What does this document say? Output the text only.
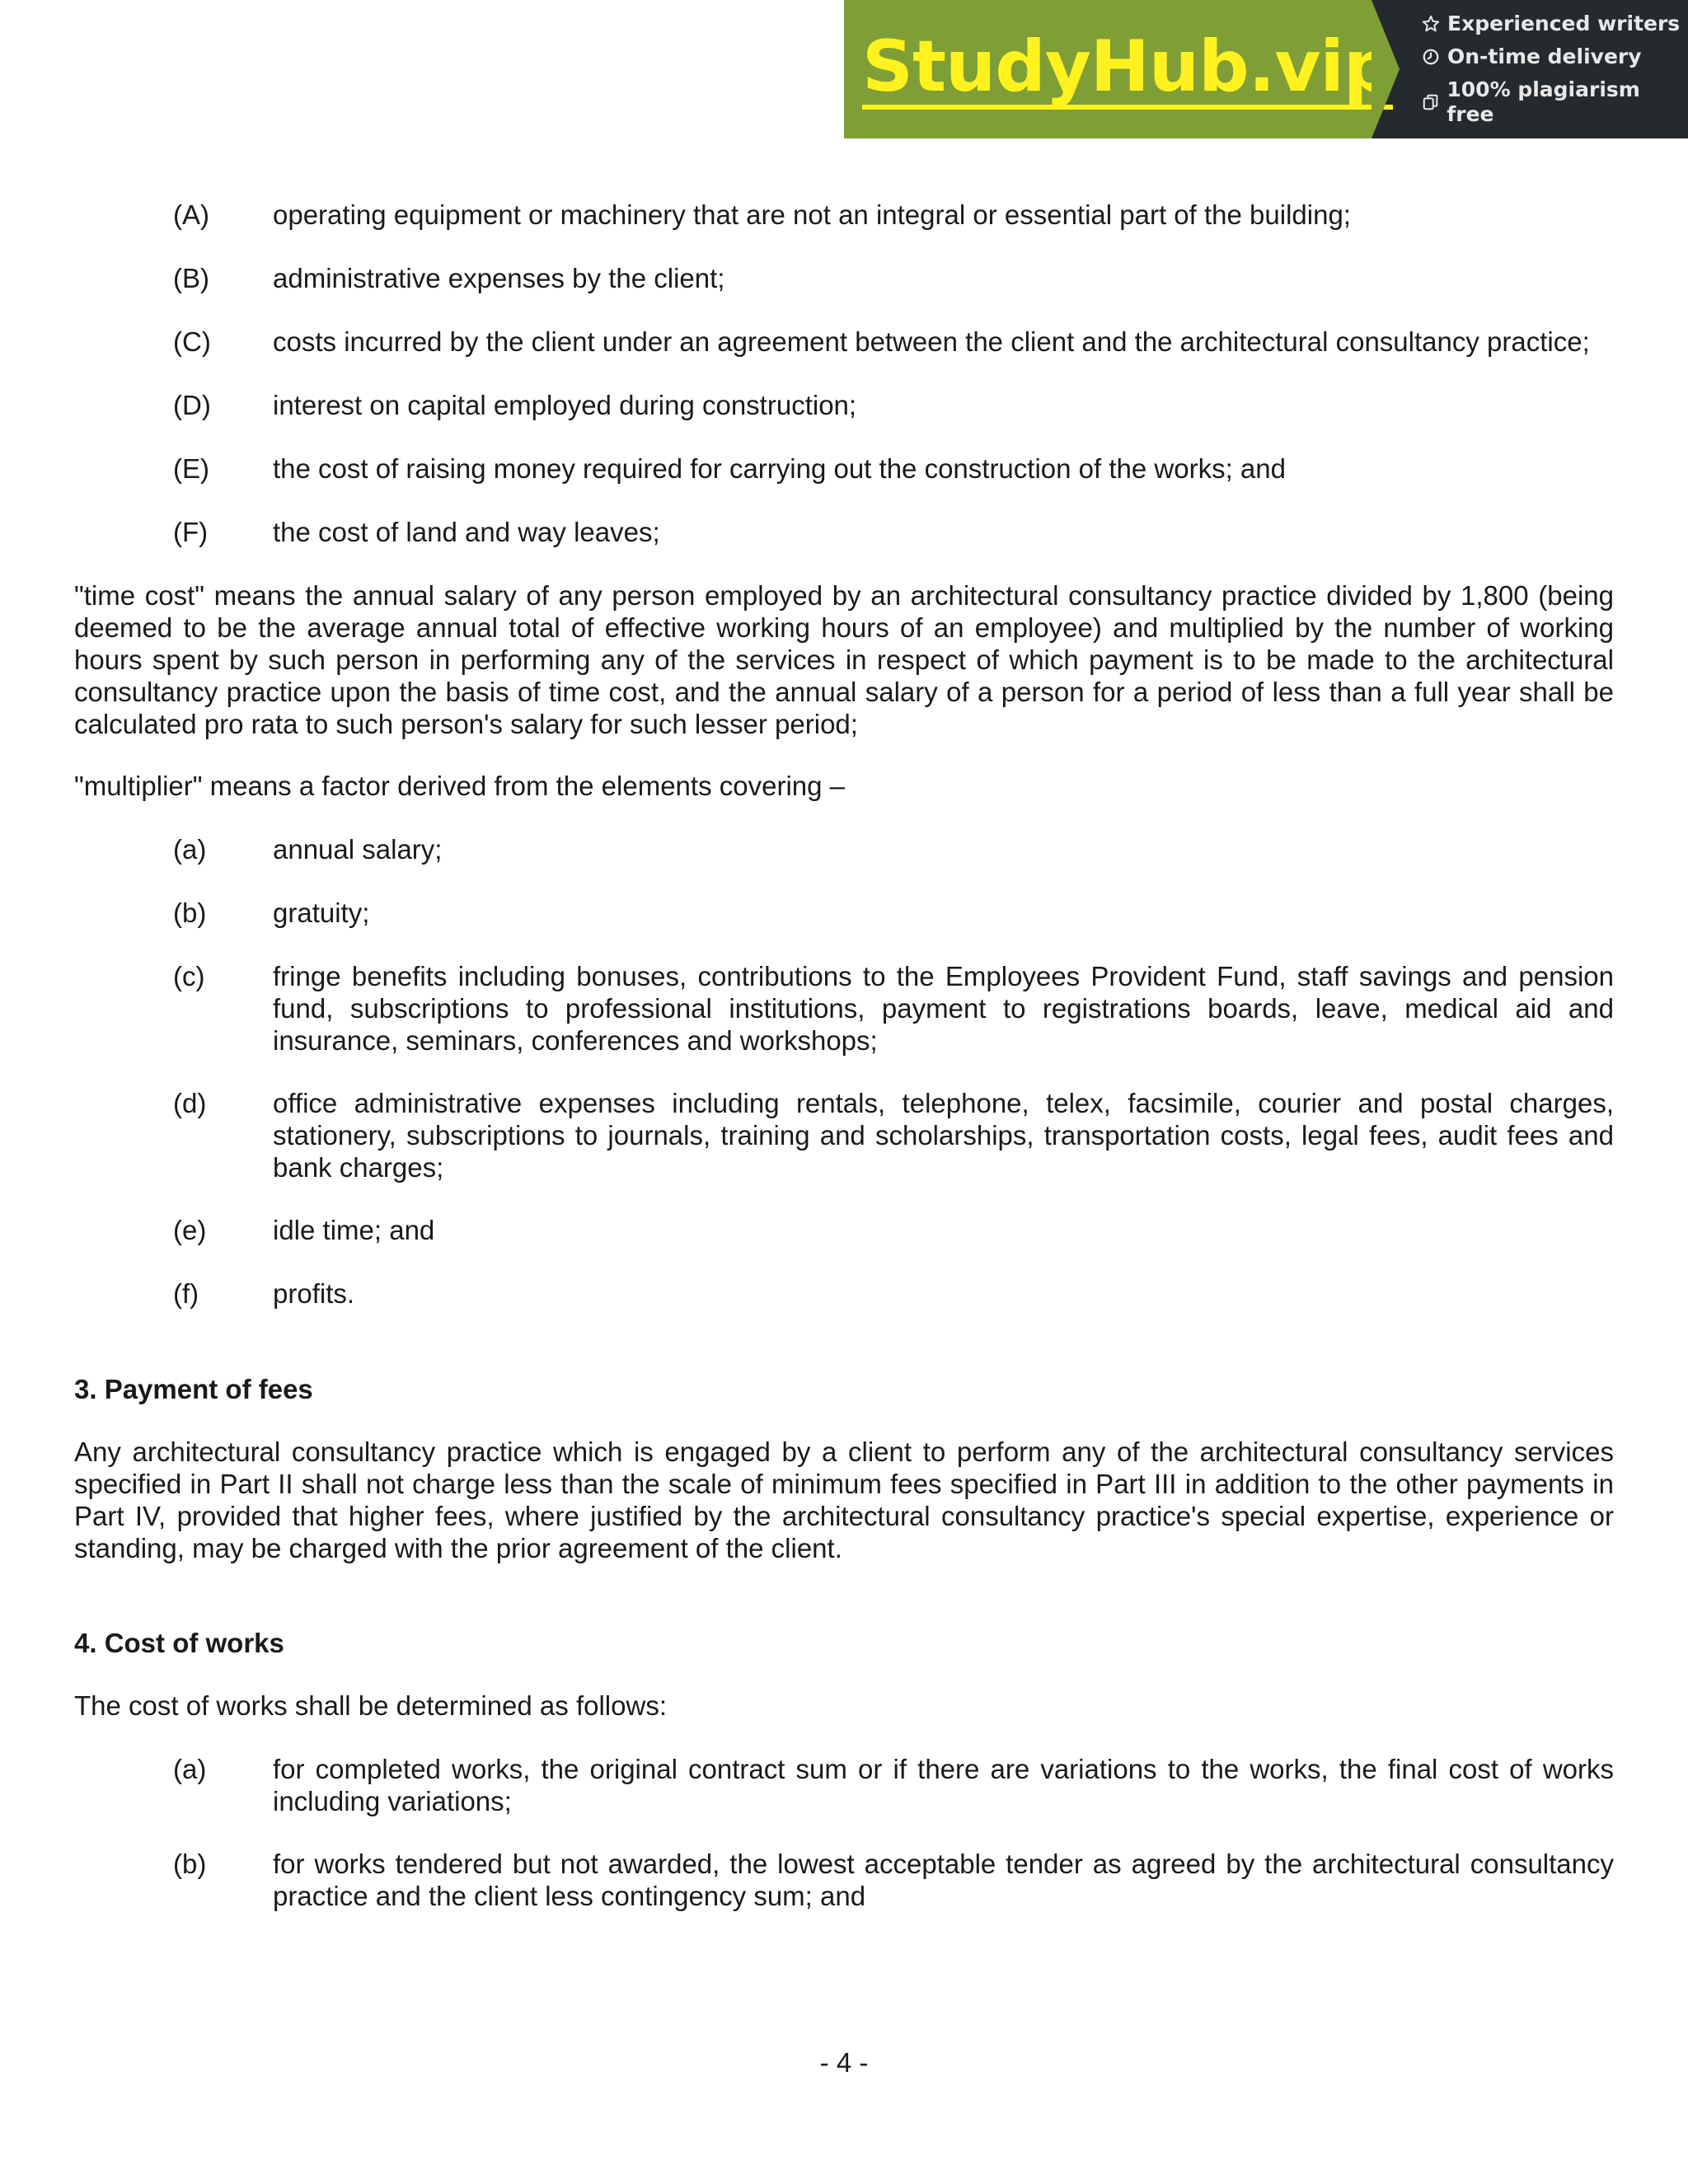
StudyHub.vip
Experienced writers
On-time delivery
100% plagiarism free
(A) operating equipment or machinery that are not an integral or essential part of the building;
(B) administrative expenses by the client;
(C) costs incurred by the client under an agreement between the client and the architectural consultancy practice;
(D) interest on capital employed during construction;
(E) the cost of raising money required for carrying out the construction of the works; and
(F) the cost of land and way leaves;

"time cost" means the annual salary of any person employed by an architectural consultancy practice divided by 1,800 (being deemed to be the average annual total of effective working hours of an employee) and multiplied by the number of working hours spent by such person in performing any of the services in respect of which payment is to be made to the architectural consultancy practice upon the basis of time cost, and the annual salary of a person for a period of less than a full year shall be calculated pro rata to such person's salary for such lesser period;

"multiplier" means a factor derived from the elements covering –

(a) annual salary;
(b) gratuity;
(c)	fringe benefits including bonuses, contributions to the Employees Provident Fund, staff savings and pension fund, subscriptions to professional institutions, payment to registrations boards, leave, medical aid and insurance, seminars, conferences and workshops;
(d) office administrative expenses including rentals, telephone, telex, facsimile, courier and postal charges, stationery, subscriptions to journals, training and scholarships, transportation costs, legal fees, audit fees and bank charges;
(e) idle time; and
(f)	profits.
3. Payment of fees

Any architectural consultancy practice which is engaged by a client to perform any of the architectural consultancy services specified in Part II shall not charge less than the scale of minimum fees specified in Part III in addition to the other payments in Part IV, provided that higher fees, where justified by the architectural consultancy practice's special expertise, experience or standing, may be charged with the prior agreement of the client.

4. Cost of works

The cost of works shall be determined as follows:

(a) for completed works, the original contract sum or if there are variations to the works, the final cost of works including variations;
(b) for works tendered but not awarded, the lowest acceptable tender as agreed by the architectural consultancy practice and the client less contingency sum; and
- 4 -
